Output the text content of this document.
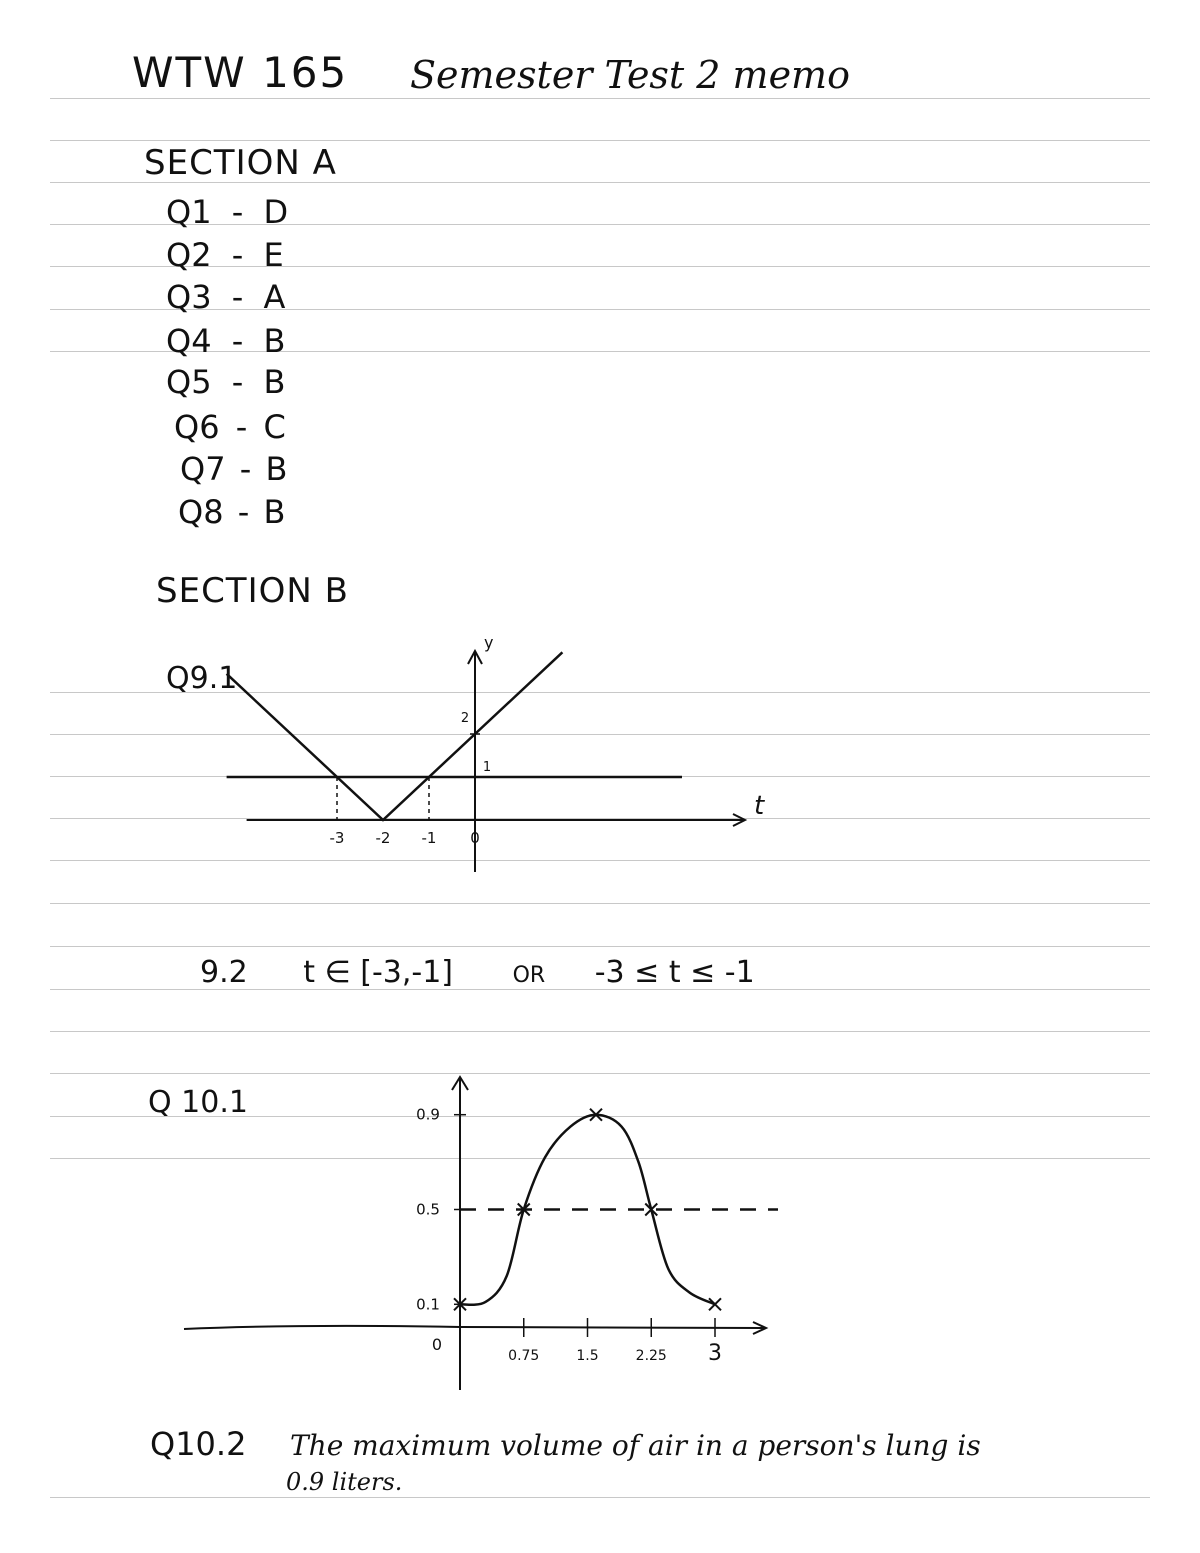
WTW 165 Semester Test 2 memo
SECTION A
Q1 - D
Q2 - E
Q3 - A
Q4 - B
Q5 - B
Q6 - C
Q7 - B
Q8 - B
SECTION B
Q9.1
t
y
-3 -2 -1 0
1
2
9.2 t ∈ [-3,-1]	OR -3 ≤ t ≤ -1
Q 10.1
0
0.75	1.5	2.25 3
0.1
0.5
0.9
Q10.2 The maximum volume of air in a person's lung is
0.9 liters.
